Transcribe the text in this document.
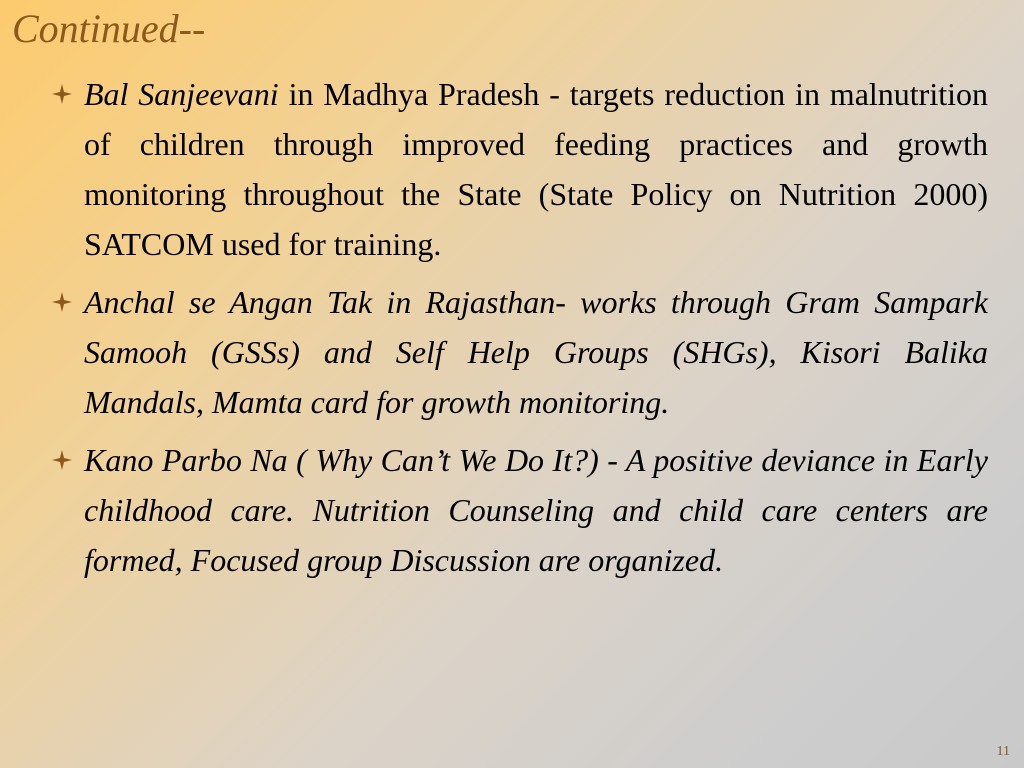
Continued--
Bal Sanjeevani in Madhya Pradesh - targets reduction in malnutrition of children through improved feeding practices and growth monitoring throughout the State (State Policy on Nutrition 2000) SATCOM used for training.
Anchal se Angan Tak in Rajasthan- works through Gram Sampark Samooh (GSSs) and Self Help Groups (SHGs), Kisori Balika Mandals, Mamta card for growth monitoring.
Kano Parbo Na ( Why Can’t We Do It?) - A positive deviance in Early childhood care. Nutrition Counseling and child care centers are formed, Focused group Discussion are organized.
11
